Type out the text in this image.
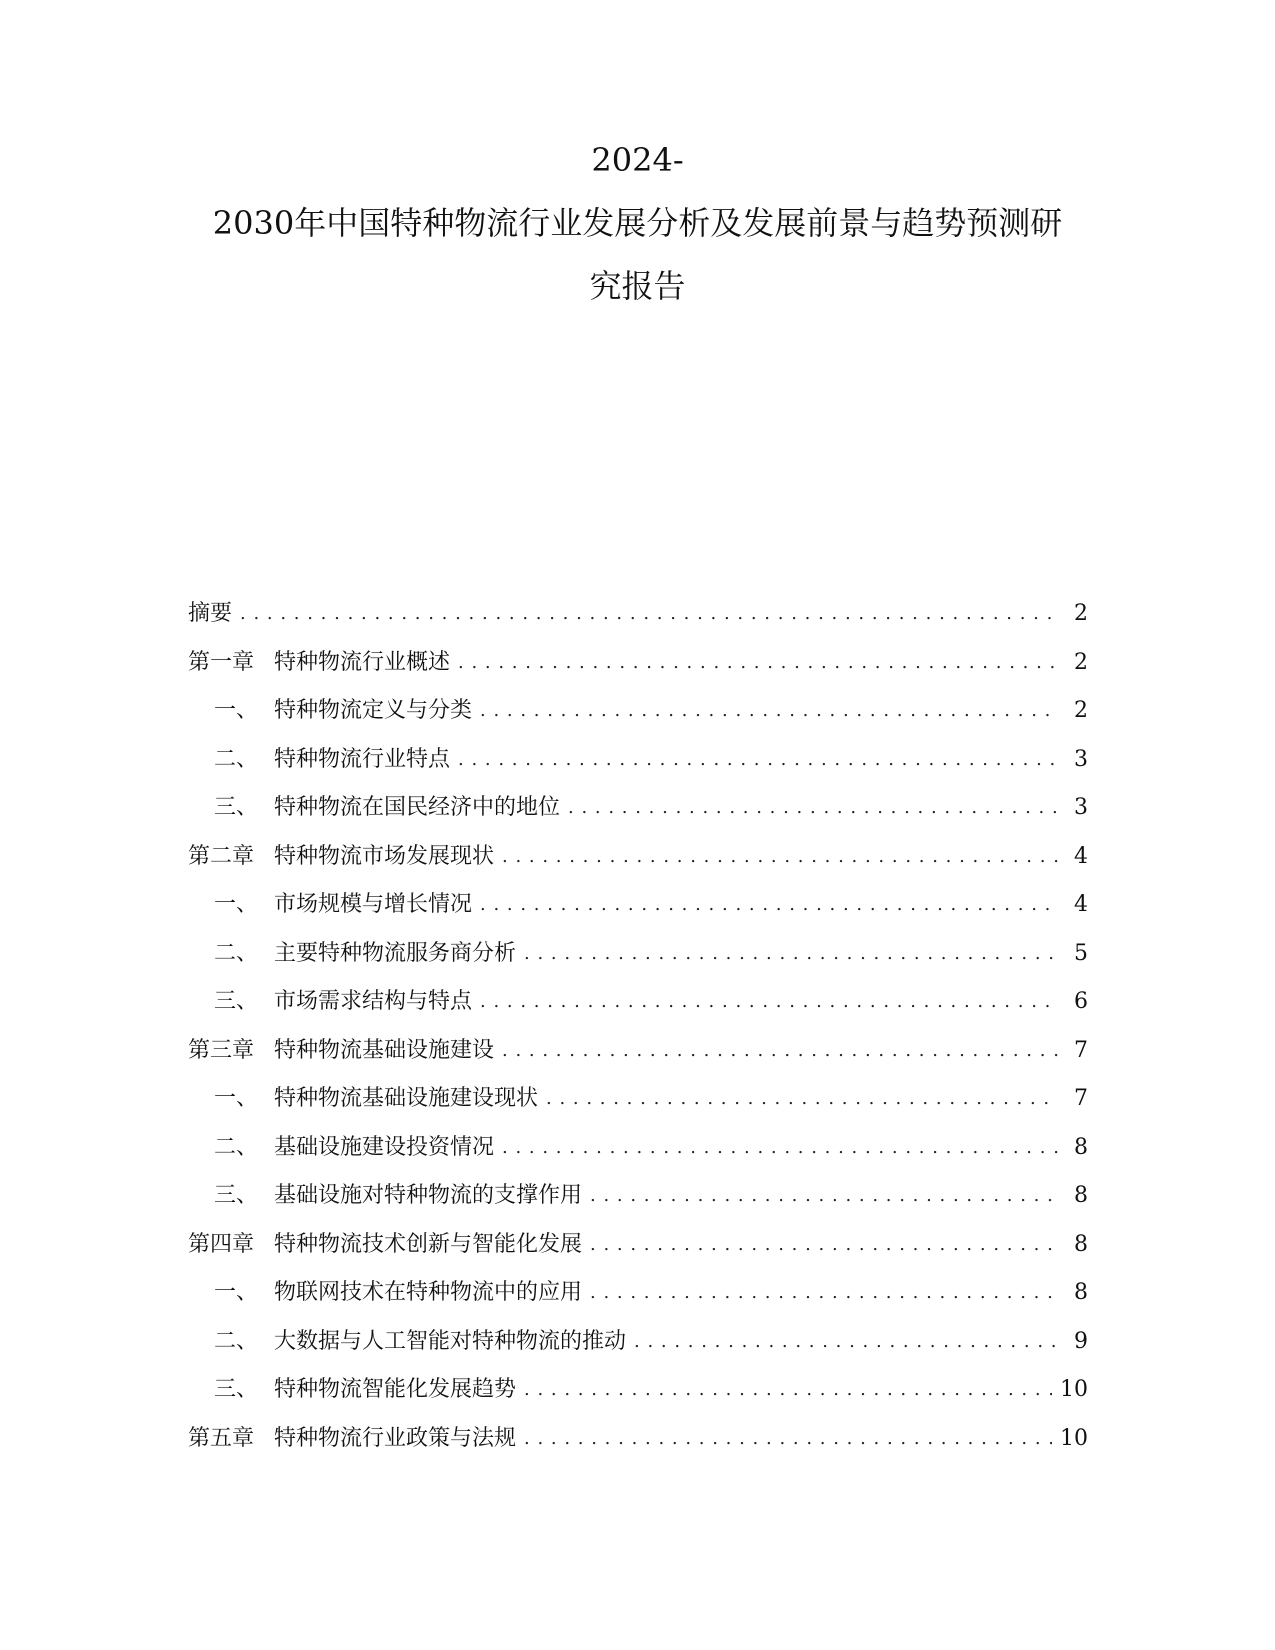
2024-
2030年中国特种物流行业发展分析及发展前景与趋势预测研
究报告
摘要 . . .	2
第一章 特种物流行业概述 . . .	2
一、 特种物流定义与分类 . . .	2
二、 特种物流行业特点 . . .	3
三、 特种物流在国民经济中的地位 . . .	3
第二章 特种物流市场发展现状 . . .	4
一、 市场规模与增长情况 . . .	4
二、 主要特种物流服务商分析 . . .	5
三、 市场需求结构与特点 . . .	6
第三章 特种物流基础设施建设 . . .	7
一、 特种物流基础设施建设现状 . . .	7
二、 基础设施建设投资情况 . . .	8
三、 基础设施对特种物流的支撑作用 . . .	8
第四章 特种物流技术创新与智能化发展 . . .	8
一、 物联网技术在特种物流中的应用 . . .	8
二、 大数据与人工智能对特种物流的推动 . . .	9
三、 特种物流智能化发展趋势 . . .	10
第五章 特种物流行业政策与法规 . . .	10
